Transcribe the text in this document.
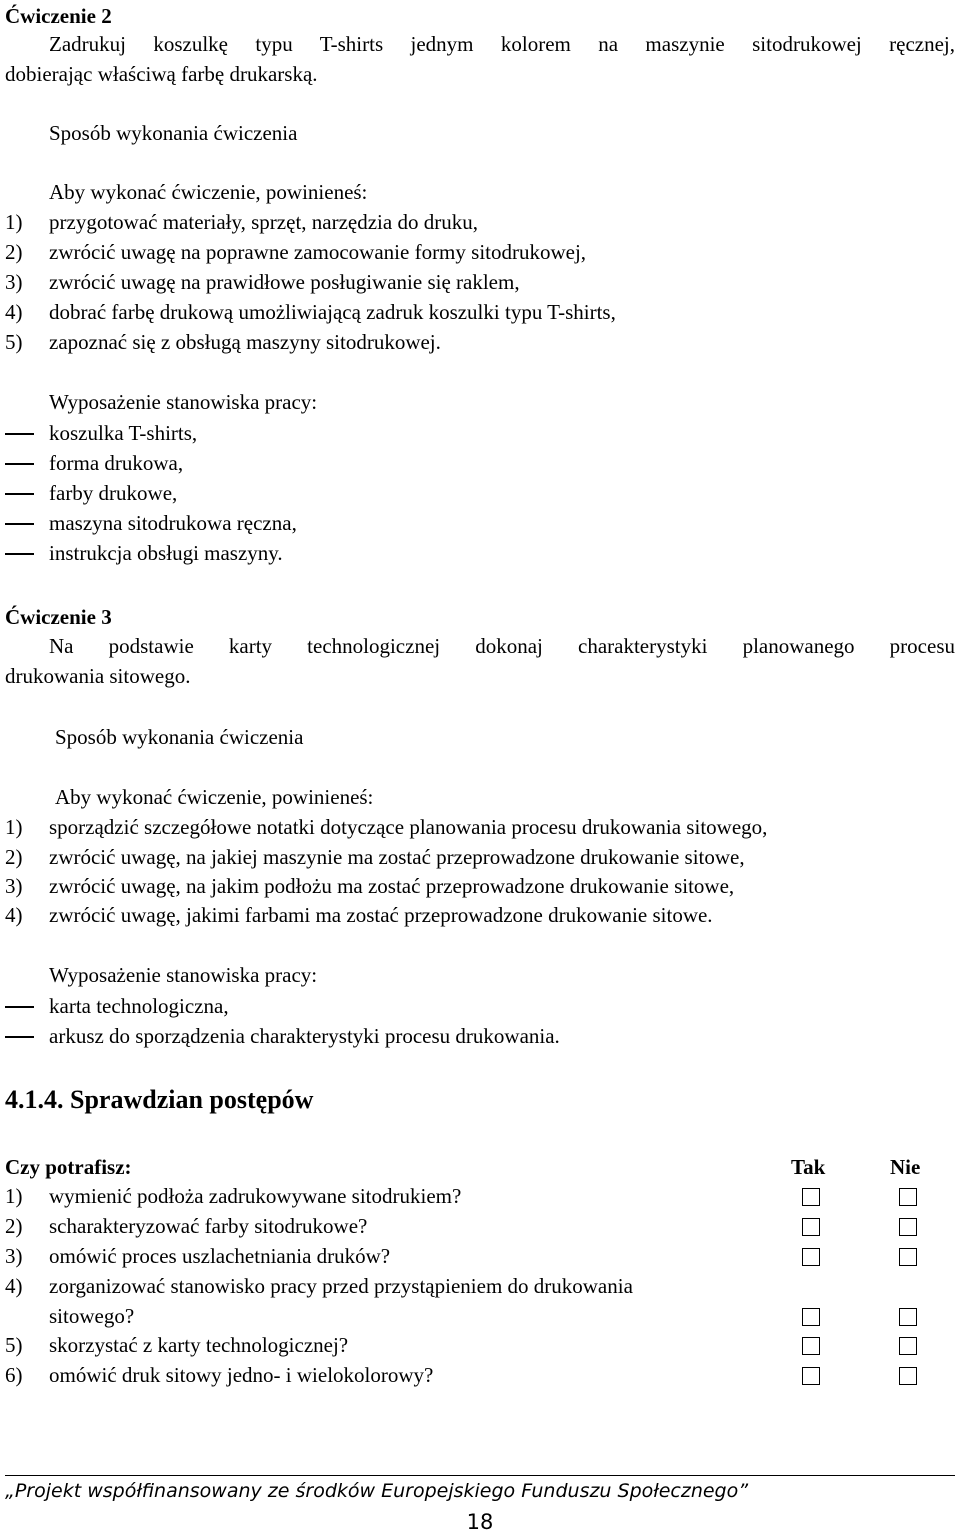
Ćwiczenie 2
Zadrukuj koszulkę typu T-shirts jednym kolorem na maszynie sitodrukowej ręcznej,
dobierając właściwą farbę drukarską.
Sposób wykonania ćwiczenia
Aby wykonać ćwiczenie, powinieneś:
1) przygotować materiały, sprzęt, narzędzia do druku,
2) zwrócić uwagę na poprawne zamocowanie formy sitodrukowej,
3) zwrócić uwagę na prawidłowe posługiwanie się raklem,
4) dobrać farbę drukową umożliwiającą zadruk koszulki typu T-shirts,
5) zapoznać się z obsługą maszyny sitodrukowej.
Wyposażenie stanowiska pracy:
koszulka T-shirts,
forma drukowa,
farby drukowe,
maszyna sitodrukowa ręczna,
instrukcja obsługi maszyny.
Ćwiczenie 3
Na podstawie karty technologicznej dokonaj charakterystyki planowanego procesu
drukowania sitowego.
Sposób wykonania ćwiczenia
Aby wykonać ćwiczenie, powinieneś:
1) sporządzić szczegółowe notatki dotyczące planowania procesu drukowania sitowego,
2) zwrócić uwagę, na jakiej maszynie ma zostać przeprowadzone drukowanie sitowe,
3) zwrócić uwagę, na jakim podłożu ma zostać przeprowadzone drukowanie sitowe,
4) zwrócić uwagę, jakimi farbami ma zostać przeprowadzone drukowanie sitowe.
Wyposażenie stanowiska pracy:
karta technologiczna,
arkusz do sporządzenia charakterystyki procesu drukowania.
4.1.4. Sprawdzian postępów
Czy potrafisz:	Tak	Nie
1) wymienić podłoża zadrukowywane sitodrukiem?
2) scharakteryzować farby sitodrukowe?
3) omówić proces uszlachetniania druków?
4) zorganizować stanowisko pracy przed przystąpieniem do drukowania
sitowego?
5) skorzystać z karty technologicznej?
6) omówić druk sitowy jedno- i wielokolorowy?
„Projekt współfinansowany ze środków Europejskiego Funduszu Społecznego”
18
